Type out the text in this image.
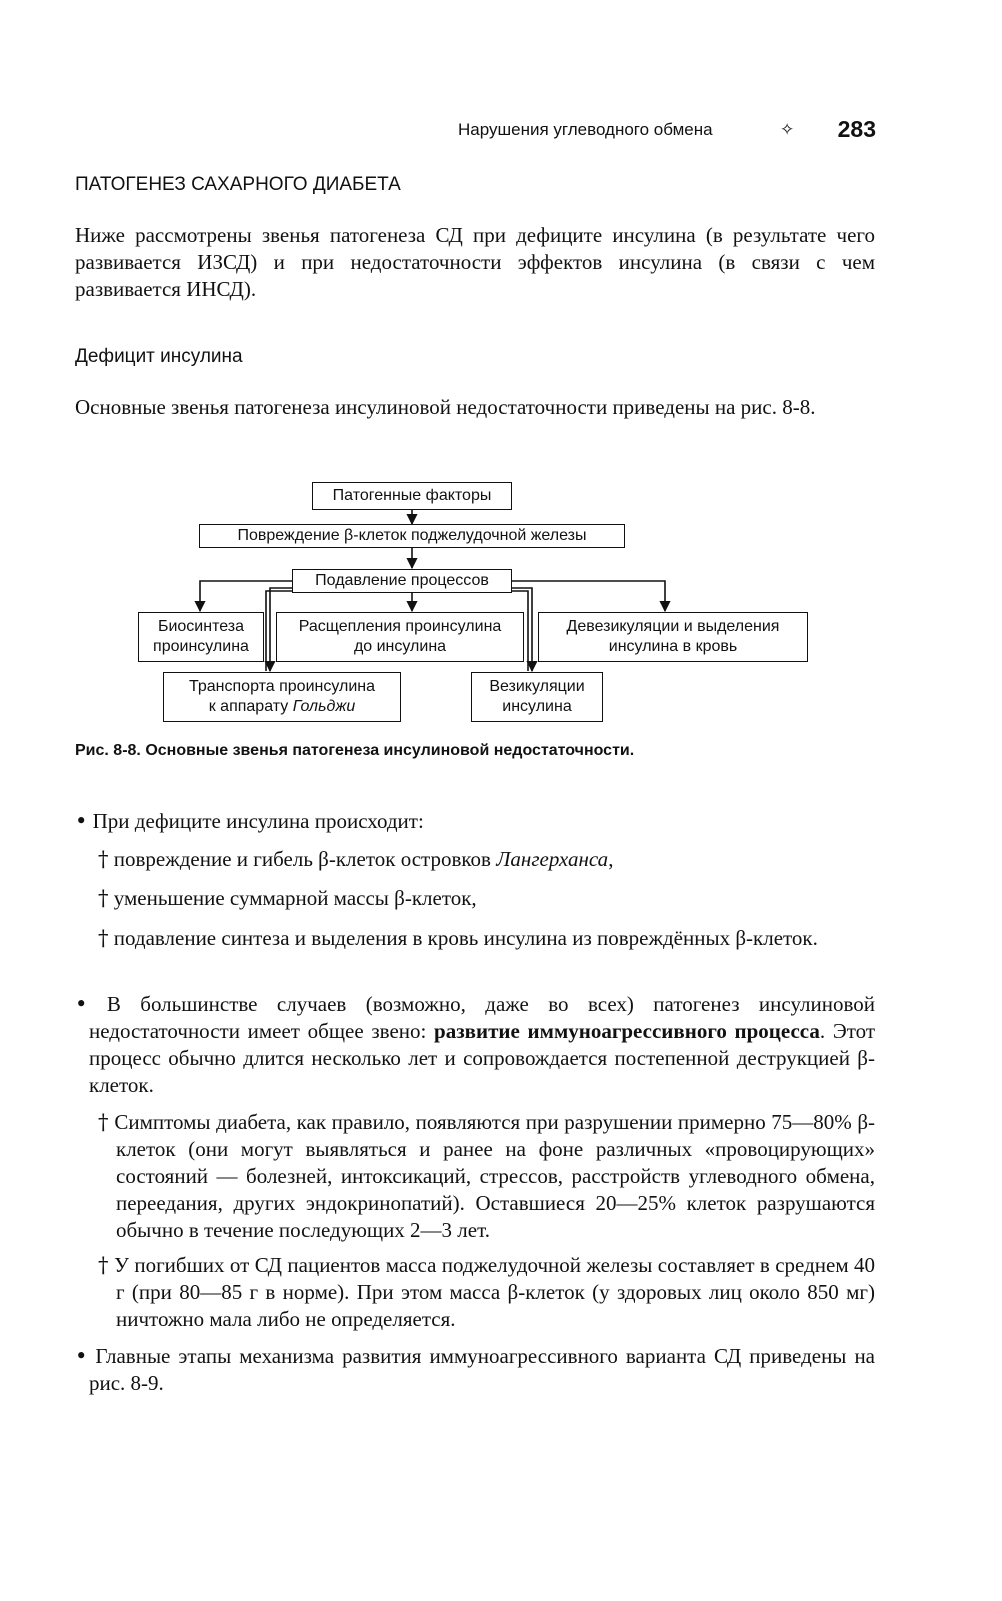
Нарушения углеводного обмена	✧ 283
ПАТОГЕНЕЗ САХАРНОГО ДИАБЕТА

Ниже рассмотрены звенья патогенеза СД при дефиците инсулина (в результате чего развивается ИЗСД) и при недостаточности эффектов инсулина (в связи с чем развивается ИНСД).

Дефицит инсулина

Основные звенья патогенеза инсулиновой недостаточности приведены на рис. 8-8.

Патогенные факторы
Повреждение β-клеток поджелудочной железы
Подавление процессов
Биосинтеза
проинсулина
Расщепления проинсулина
до инсулина
Девезикуляции и выделения
инсулина в кровь
Транспорта проинсулина
к аппарату Гольджи
Везикуляции
инсулина
Рис. 8-8. Основные звенья патогенеза инсулиновой недостаточности.

• При дефиците инсулина происходит:

† повреждение и гибель β-клеток островков Лангерханса,

† уменьшение суммарной массы β-клеток,

† подавление синтеза и выделения в кровь инсулина из повреждённых β-клеток.

• В большинстве случаев (возможно, даже во всех) патогенез инсулиновой недостаточности имеет общее звено: развитие иммуноагрессивного процесса. Этот процесс обычно длится несколько лет и сопровождается постепенной деструкцией β-клеток.

† Симптомы диабета, как правило, появляются при разрушении примерно 75—80% β-клеток (они могут выявляться и ранее на фоне различных «провоцирующих» состояний — болезней, интоксикаций, стрессов, расстройств углеводного обмена, переедания, других эндокринопатий). Оставшиеся 20—25% клеток разрушаются обычно в течение последующих 2—3 лет.

† У погибших от СД пациентов масса поджелудочной железы составляет в среднем 40 г (при 80—85 г в норме). При этом масса β-клеток (у здоровых лиц около 850 мг) ничтожно мала либо не определяется.

• Главные этапы механизма развития иммуноагрессивного варианта СД приведены на рис. 8-9.
